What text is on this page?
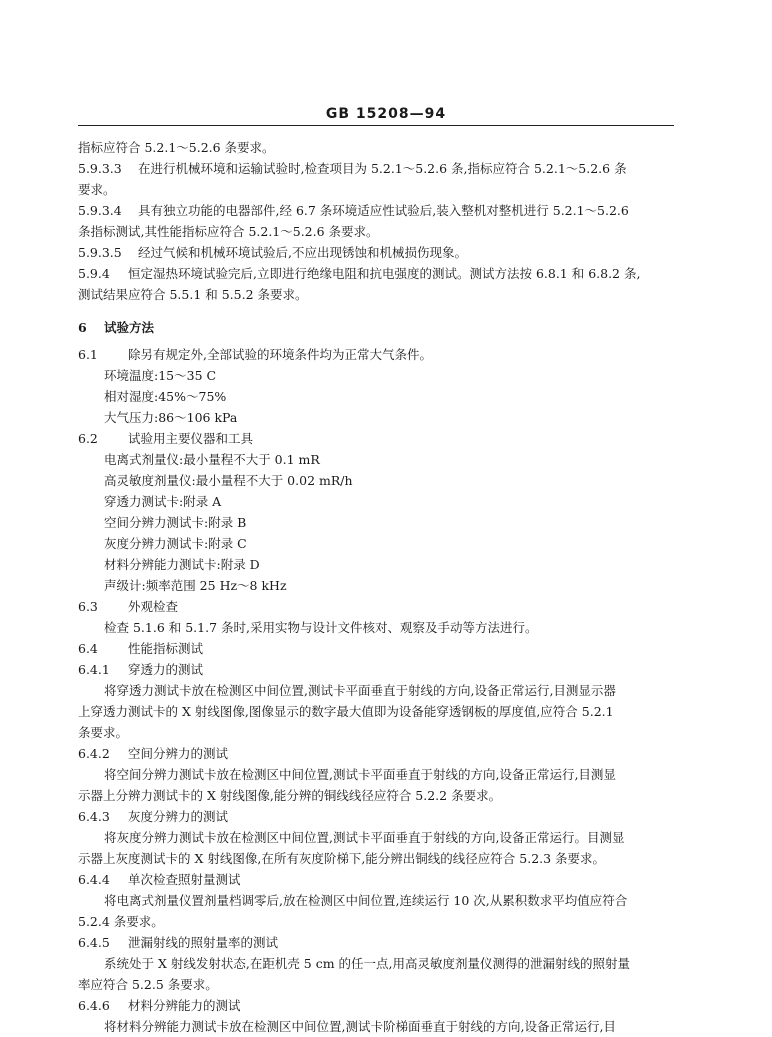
GB 15208—94
指标应符合 5.2.1～5.2.6 条要求。
5.9.3.3 在进行机械环境和运输试验时,检查项目为 5.2.1～5.2.6 条,指标应符合 5.2.1～5.2.6 条
要求。
5.9.3.4 具有独立功能的电器部件,经 6.7 条环境适应性试验后,装入整机对整机进行 5.2.1～5.2.6
条指标测试,其性能指标应符合 5.2.1～5.2.6 条要求。
5.9.3.5 经过气候和机械环境试验后,不应出现锈蚀和机械损伤现象。
5.9.4 恒定湿热环境试验完后,立即进行绝缘电阻和抗电强度的测试。测试方法按 6.8.1 和 6.8.2 条,
测试结果应符合 5.5.1 和 5.5.2 条要求。
6 试验方法
6.1 除另有规定外,全部试验的环境条件均为正常大气条件。
环境温度:15～35 C
相对湿度:45%～75%
大气压力:86～106 kPa
6.2 试验用主要仪器和工具
电离式剂量仪:最小量程不大于 0.1 mR
高灵敏度剂量仪:最小量程不大于 0.02 mR/h
穿透力测试卡:附录 A
空间分辨力测试卡:附录 B
灰度分辨力测试卡:附录 C
材料分辨能力测试卡:附录 D
声级计:频率范围 25 Hz～8 kHz
6.3 外观检查
检查 5.1.6 和 5.1.7 条时,采用实物与设计文件核对、观察及手动等方法进行。
6.4 性能指标测试
6.4.1 穿透力的测试
将穿透力测试卡放在检测区中间位置,测试卡平面垂直于射线的方向,设备正常运行,目测显示器
上穿透力测试卡的 X 射线图像,图像显示的数字最大值即为设备能穿透钢板的厚度值,应符合 5.2.1
条要求。
6.4.2 空间分辨力的测试
将空间分辨力测试卡放在检测区中间位置,测试卡平面垂直于射线的方向,设备正常运行,目测显
示器上分辨力测试卡的 X 射线图像,能分辨的铜线线径应符合 5.2.2 条要求。
6.4.3 灰度分辨力的测试
将灰度分辨力测试卡放在检测区中间位置,测试卡平面垂直于射线的方向,设备正常运行。目测显
示器上灰度测试卡的 X 射线图像,在所有灰度阶梯下,能分辨出铜线的线径应符合 5.2.3 条要求。
6.4.4 单次检查照射量测试
将电离式剂量仪置剂量档调零后,放在检测区中间位置,连续运行 10 次,从累积数求平均值应符合
5.2.4 条要求。
6.4.5 泄漏射线的照射量率的测试
系统处于 X 射线发射状态,在距机壳 5 cm 的任一点,用高灵敏度剂量仪测得的泄漏射线的照射量
率应符合 5.2.5 条要求。
6.4.6 材料分辨能力的测试
将材料分辨能力测试卡放在检测区中间位置,测试卡阶梯面垂直于射线的方向,设备正常运行,目
